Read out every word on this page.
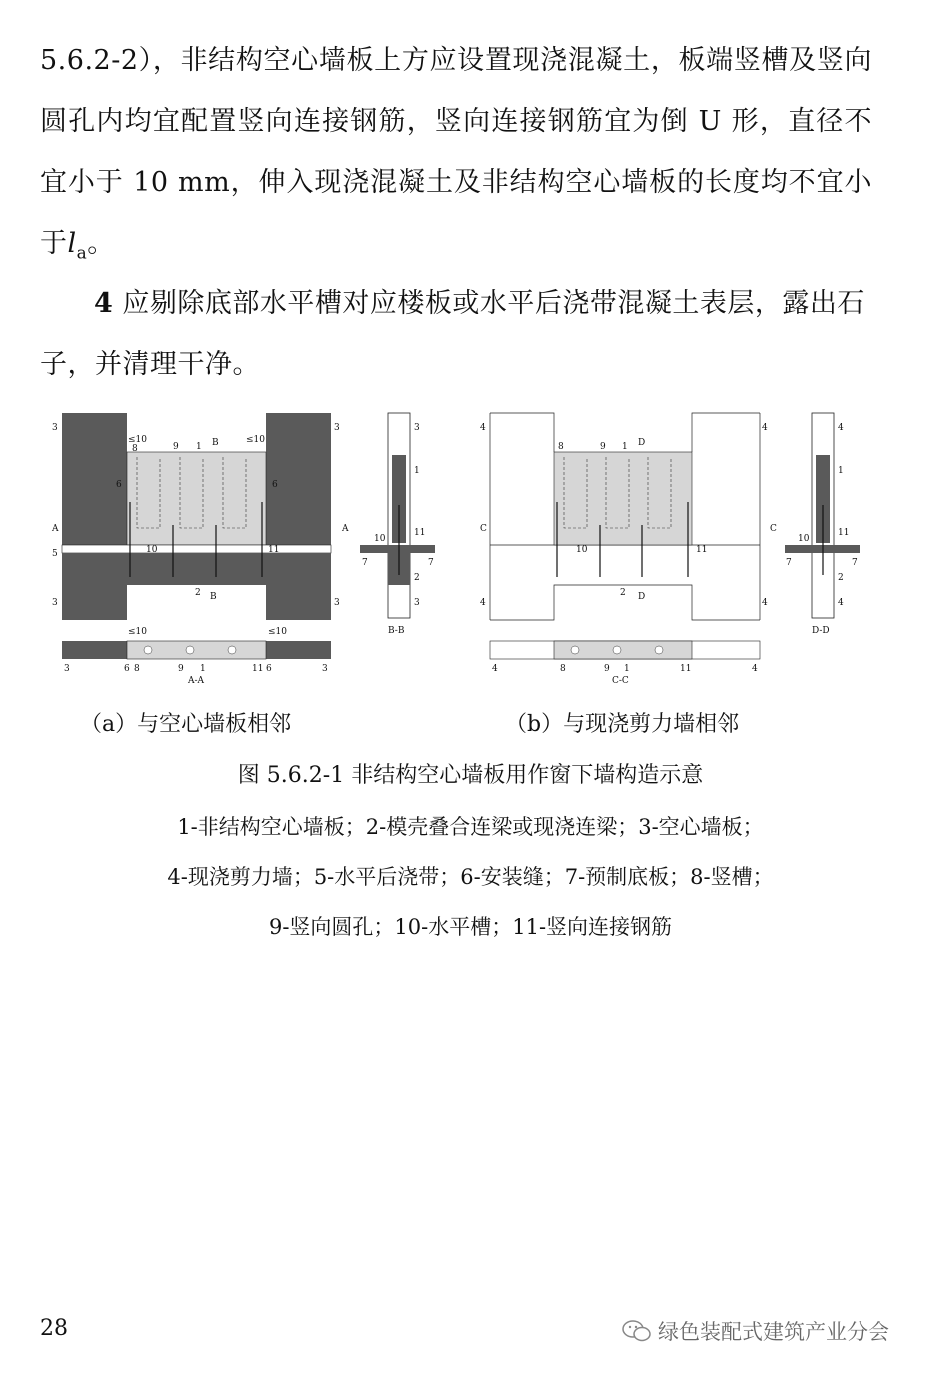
5.6.2-2），非结构空心墙板上方应设置现浇混凝土，板端竖槽及竖向圆孔内均宜配置竖向连接钢筋，竖向连接钢筋宜为倒 U 形，直径不宜小于 10 mm，伸入现浇混凝土及非结构空心墙板的长度均不宜小于$l_a$。

4 应剔除底部水平槽对应楼板或水平后浇带混凝土表层，露出石子，并清理干净。

3	3
≤10	≤10
8	9 1 B
6	6
A	A
5	10	11
2 B
3	3
≤10	≤10
3	6 8	9 1	11 6	3
A-A
3
1
11
10
7	7
2
3
B-B
4	4
8	9 1 D
C	C
10	11
2 D
4	4
4	8	9 1	11	4
C-C
4
1
11
10
7	7
2
4
D-D
（a）与空心墙板相邻	（b）与现浇剪力墙相邻
图 5.6.2-1 非结构空心墙板用作窗下墙构造示意
1-非结构空心墙板；2-模壳叠合连梁或现浇连梁；3-空心墙板；
4-现浇剪力墙；5-水平后浇带；6-安装缝；7-预制底板；8-竖槽；
9-竖向圆孔；10-水平槽；11-竖向连接钢筋
28	绿色装配式建筑产业分会
